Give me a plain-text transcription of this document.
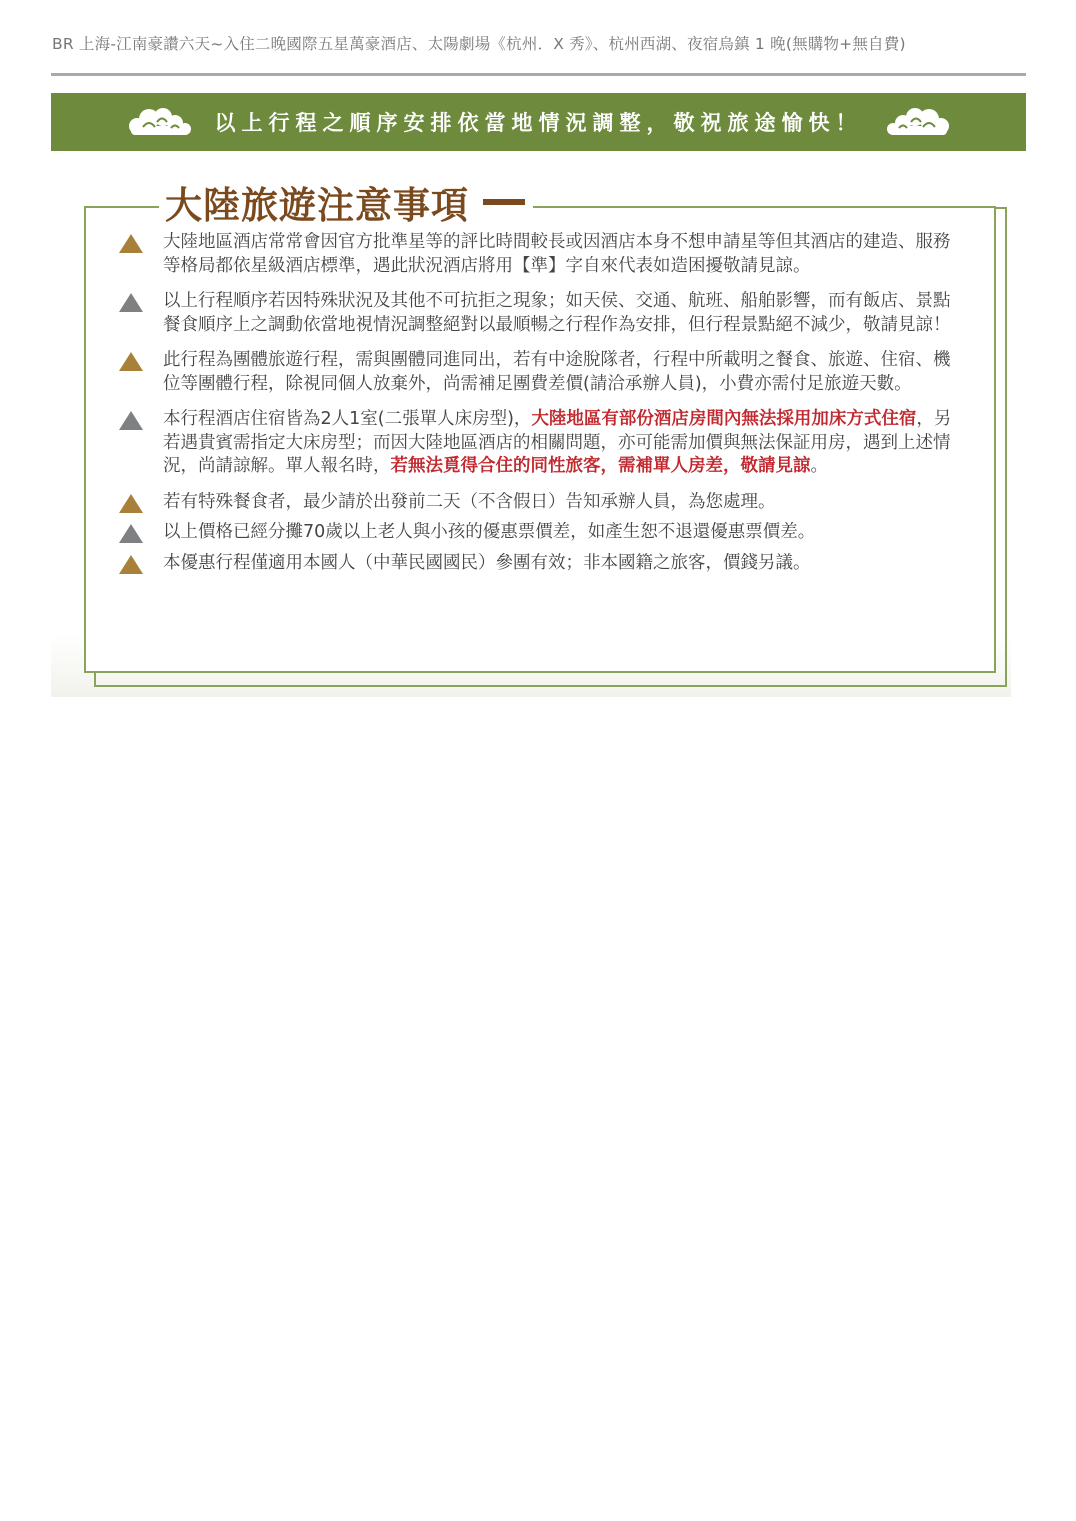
BR 上海-江南豪讚六天~入住二晚國際五星萬豪酒店、太陽劇場《杭州．X 秀》、杭州西湖、夜宿烏鎮 1 晚(無購物+無自費)
以上行程之順序安排依當地情況調整，敬祝旅途愉快！
大陸旅遊注意事項
大陸地區酒店常常會因官方批準星等的評比時間較長或因酒店本身不想申請星等但其酒店的建造、服務等格局都依星級酒店標準，遇此狀況酒店將用【準】字自來代表如造困擾敬請見諒。
以上行程順序若因特殊狀況及其他不可抗拒之現象；如天侯、交通、航班、船舶影響，而有飯店、景點餐食順序上之調動依當地視情況調整絕對以最順暢之行程作為安排，但行程景點絕不減少，敬請見諒！
此行程為團體旅遊行程，需與團體同進同出，若有中途脫隊者，行程中所載明之餐食、旅遊、住宿、機位等團體行程，除視同個人放棄外，尚需補足團費差價(請洽承辦人員)，小費亦需付足旅遊天數。
本行程酒店住宿皆為2人1室(二張單人床房型)，大陸地區有部份酒店房間內無法採用加床方式住宿，另若遇貴賓需指定大床房型；而因大陸地區酒店的相關問題，亦可能需加價與無法保証用房，遇到上述情況，尚請諒解。單人報名時，若無法覓得合住的同性旅客，需補單人房差，敬請見諒。
若有特殊餐食者，最少請於出發前二天（不含假日）告知承辦人員，為您處理。
以上價格已經分攤70歲以上老人與小孩的優惠票價差，如產生恕不退還優惠票價差。
本優惠行程僅適用本國人（中華民國國民）參團有效；非本國籍之旅客，價錢另議。
